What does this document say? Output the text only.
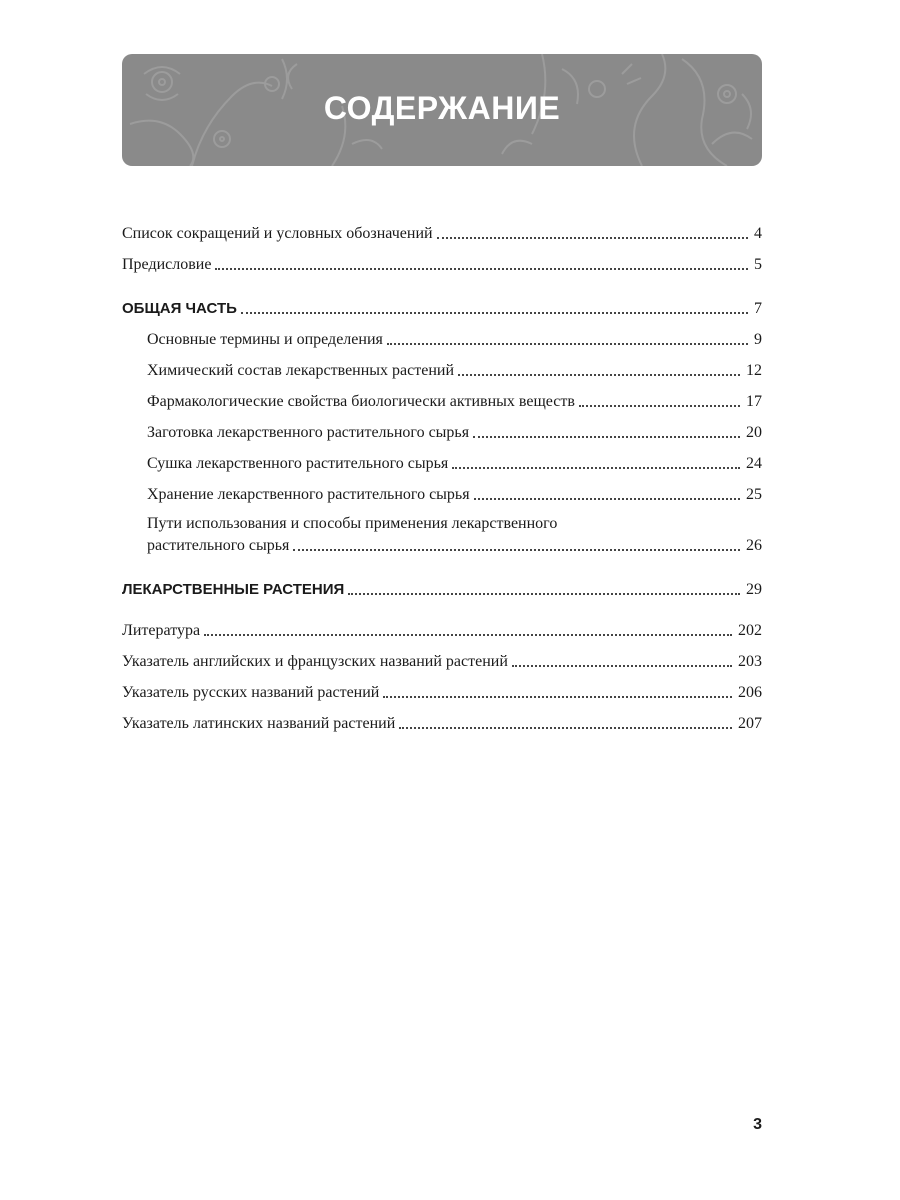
СОДЕРЖАНИЕ
Список сокращений и условных обозначений	4
Предисловие	5
ОБЩАЯ ЧАСТЬ	7
Основные термины и определения	9
Химический состав лекарственных растений	12
Фармакологические свойства биологически активных веществ	17
Заготовка лекарственного растительного сырья	20
Сушка лекарственного растительного сырья	24
Хранение лекарственного растительного сырья	25
Пути использования и способы применения лекарственного
растительного сырья	26
ЛЕКАРСТВЕННЫЕ РАСТЕНИЯ	29
Литература	202
Указатель английских и французских названий растений	203
Указатель русских названий растений	206
Указатель латинских названий растений	207
3
